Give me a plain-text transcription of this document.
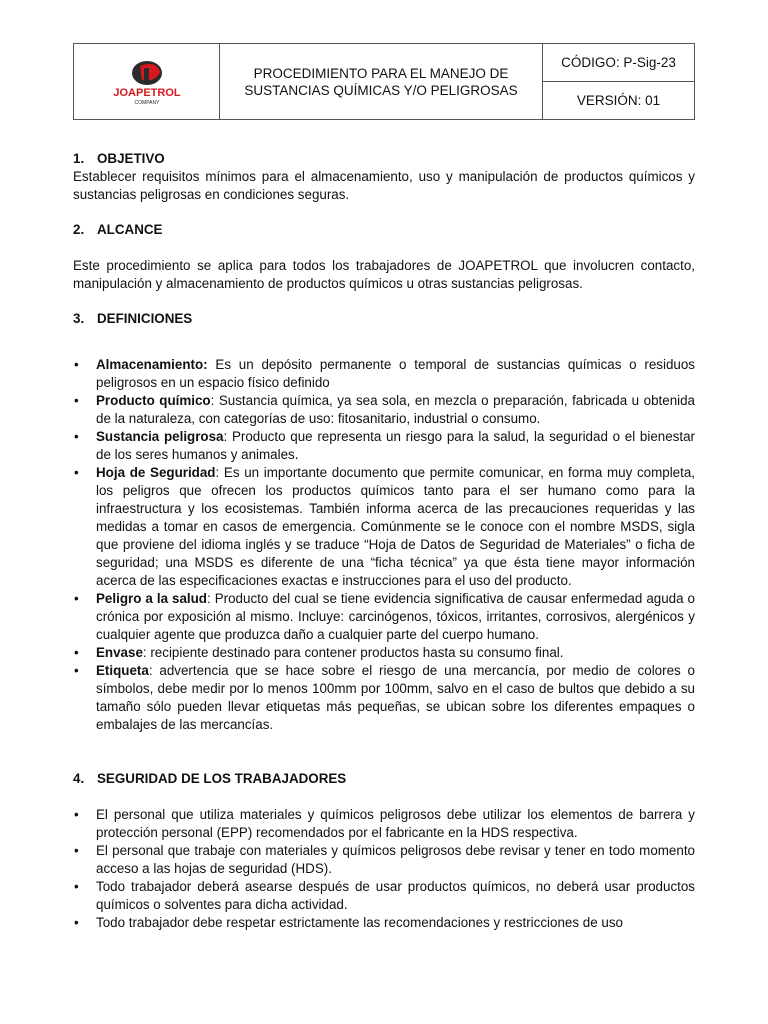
JOAPETROL
COMPANY
PROCEDIMIENTO PARA EL MANEJO DE SUSTANCIAS QUÍMICAS Y/O PELIGROSAS
CÓDIGO: P-Sig-23
VERSIÓN: 01
1. OBJETIVO

Establecer requisitos mínimos para el almacenamiento, uso y manipulación de productos químicos y sustancias peligrosas en condiciones seguras.

2. ALCANCE

Este procedimiento se aplica para todos los trabajadores de JOAPETROL que involucren contacto, manipulación y almacenamiento de productos químicos u otras sustancias peligrosas.

3. DEFINICIONES
• Almacenamiento: Es un depósito permanente o temporal de sustancias químicas o residuos peligrosos en un espacio físico definido
• Producto químico: Sustancia química, ya sea sola, en mezcla o preparación, fabricada u obtenida de la naturaleza, con categorías de uso: fitosanitario, industrial o consumo.
• Sustancia peligrosa: Producto que representa un riesgo para la salud, la seguridad o el bienestar de los seres humanos y animales.
• Hoja de Seguridad: Es un importante documento que permite comunicar, en forma muy completa, los peligros que ofrecen los productos químicos tanto para el ser humano como para la infraestructura y los ecosistemas. También informa acerca de las precauciones requeridas y las medidas a tomar en casos de emergencia. Comúnmente se le conoce con el nombre MSDS, sigla que proviene del idioma inglés y se traduce “Hoja de Datos de Seguridad de Materiales” o ficha de seguridad; una MSDS es diferente de una “ficha técnica” ya que ésta tiene mayor información acerca de las especificaciones exactas e instrucciones para el uso del producto.
• Peligro a la salud: Producto del cual se tiene evidencia significativa de causar enfermedad aguda o crónica por exposición al mismo. Incluye: carcinógenos, tóxicos, irritantes, corrosivos, alergénicos y cualquier agente que produzca daño a cualquier parte del cuerpo humano.
• Envase: recipiente destinado para contener productos hasta su consumo final.
• Etiqueta: advertencia que se hace sobre el riesgo de una mercancía, por medio de colores o símbolos, debe medir por lo menos 100mm por 100mm, salvo en el caso de bultos que debido a su tamaño sólo pueden llevar etiquetas más pequeñas, se ubican sobre los diferentes empaques o embalajes de las mercancías.
4. SEGURIDAD DE LOS TRABAJADORES
• El personal que utiliza materiales y químicos peligrosos debe utilizar los elementos de barrera y protección personal (EPP) recomendados por el fabricante en la HDS respectiva.
• El personal que trabaje con materiales y químicos peligrosos debe revisar y tener en todo momento acceso a las hojas de seguridad (HDS).
• Todo trabajador deberá asearse después de usar productos químicos, no deberá usar productos químicos o solventes para dicha actividad.
• Todo trabajador debe respetar estrictamente las recomendaciones y restricciones de uso
